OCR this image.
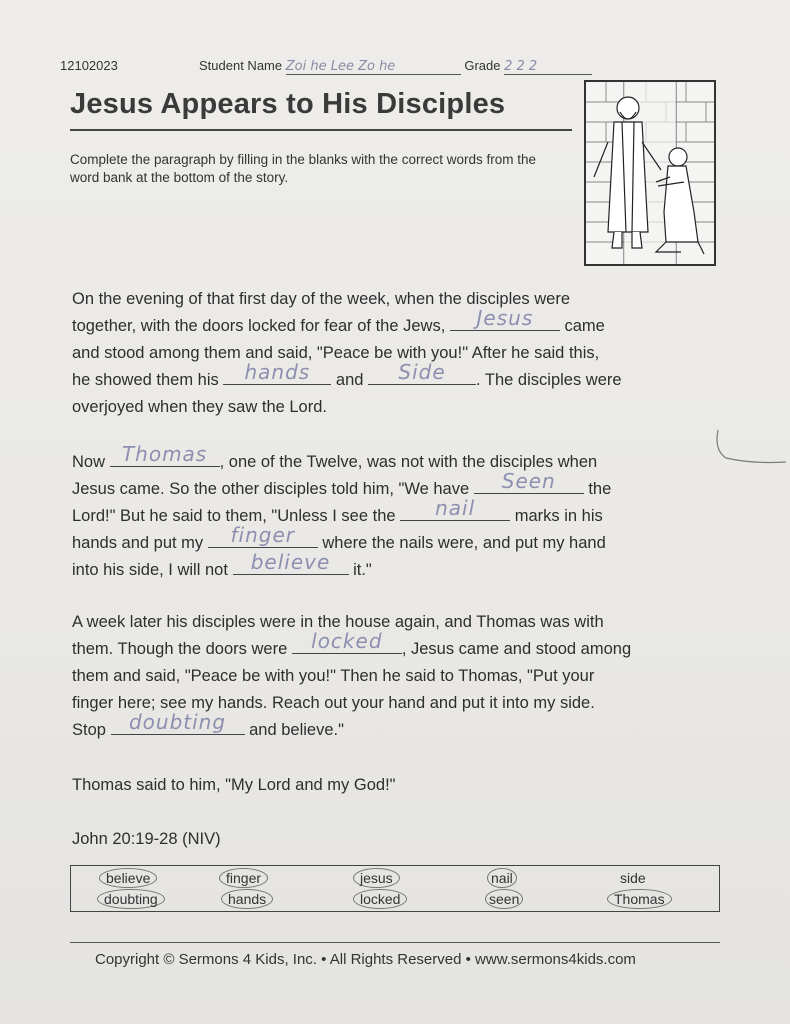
12102023	Student Name Zoi he Lee Zo he	Grade 2 2 2
Jesus Appears to His Disciples
Complete the paragraph by filling in the blanks with the correct words from the word bank at the bottom of the story.
On the evening of that first day of the week, when the disciples were
together, with the doors locked for fear of the Jews,	Jesus	came
and stood among them and said, "Peace be with you!" After he said this,
he showed them his	hands	and	Side	. The disciples were
overjoyed when they saw the Lord.
Now Thomas , one of the Twelve, was not with the disciples when
Jesus came. So the other disciples told him, "We have	Seen	the
Lord!" But he said to them, "Unless I see the	nail	marks in his
hands and put my	finger	where the nails were, and put my hand
into his side, I will not believe	it."
A week later his disciples were in the house again, and Thomas was with
them. Though the doors were locked	, Jesus came and stood among
them and said, "Peace be with you!" Then he said to Thomas, "Put your
finger here; see my hands. Reach out your hand and put it into my side.
Stop doubting	and believe."
Thomas said to him, "My Lord and my God!"
John 20:19-28 (NIV)
believe	finger	jesus	nail	side
doubting	hands	locked	seen	Thomas
Copyright © Sermons 4 Kids, Inc. • All Rights Reserved • www.sermons4kids.com
